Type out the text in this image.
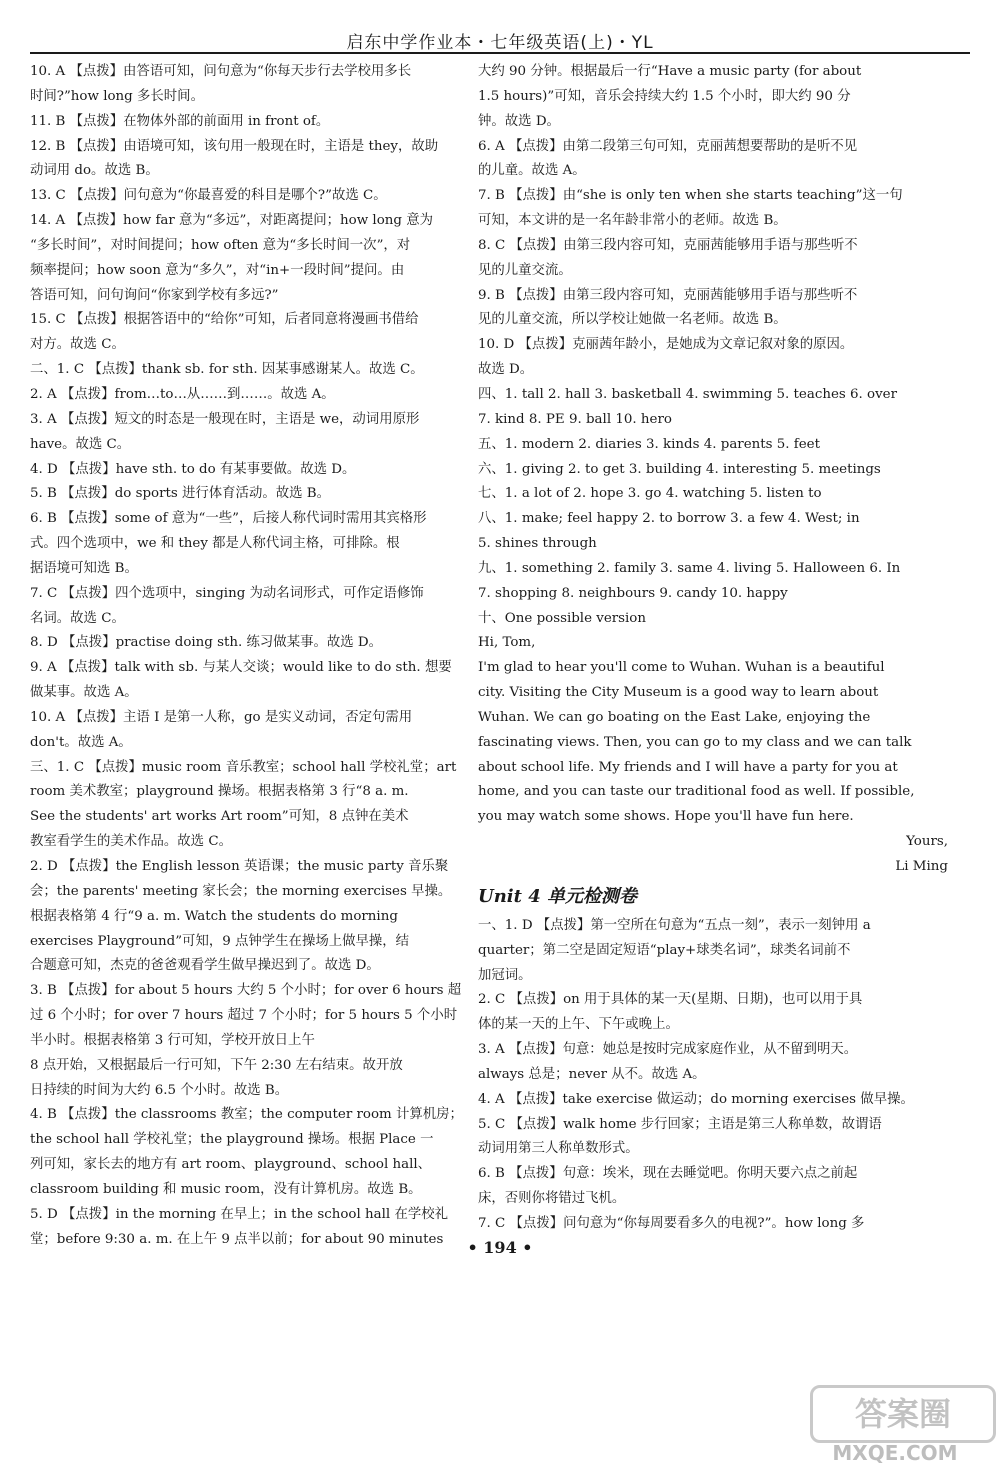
启东中学作业本・七年级英语(上)・YL
10. A 【点拨】由答语可知，问句意为“你每天步行去学校用多长
时间?”how long 多长时间。
11. B 【点拨】在物体外部的前面用 in front of。
12. B 【点拨】由语境可知，该句用一般现在时，主语是 they，故助
动词用 do。故选 B。
13. C 【点拨】问句意为“你最喜爱的科目是哪个?”故选 C。
14. A 【点拨】how far 意为“多远”，对距离提问；how long 意为
“多长时间”，对时间提问；how often 意为“多长时间一次”，对
频率提问；how soon 意为“多久”，对“in+一段时间”提问。由
答语可知，问句询问“你家到学校有多远?”
15. C 【点拨】根据答语中的“给你”可知，后者同意将漫画书借给
对方。故选 C。
二、1. C 【点拨】thank sb. for sth. 因某事感谢某人。故选 C。
2. A 【点拨】from…to…从……到……。故选 A。
3. A 【点拨】短文的时态是一般现在时，主语是 we，动词用原形
have。故选 C。
4. D 【点拨】have sth. to do 有某事要做。故选 D。
5. B 【点拨】do sports 进行体育活动。故选 B。
6. B 【点拨】some of 意为“一些”，后接人称代词时需用其宾格形
式。四个选项中，we 和 they 都是人称代词主格，可排除。根
据语境可知选 B。
7. C 【点拨】四个选项中，singing 为动名词形式，可作定语修饰
名词。故选 C。
8. D 【点拨】practise doing sth. 练习做某事。故选 D。
9. A 【点拨】talk with sb. 与某人交谈；would like to do sth. 想要
做某事。故选 A。
10. A 【点拨】主语 I 是第一人称，go 是实义动词，否定句需用
don't。故选 A。
三、1. C 【点拨】music room 音乐教室；school hall 学校礼堂；art
room 美术教室；playground 操场。根据表格第 3 行“8 a. m.
See the students' art works Art room”可知，8 点钟在美术
教室看学生的美术作品。故选 C。
2. D 【点拨】the English lesson 英语课；the music party 音乐聚
会；the parents' meeting 家长会；the morning exercises 早操。
根据表格第 4 行“9 a. m. Watch the students do morning
exercises Playground”可知，9 点钟学生在操场上做早操，结
合题意可知，杰克的爸爸观看学生做早操迟到了。故选 D。
3. B 【点拨】for about 5 hours 大约 5 个小时；for over 6 hours 超
过 6 个小时；for over 7 hours 超过 7 个小时；for 5 hours 5 个小时
半小时。根据表格第 3 行可知，学校开放日上午
8 点开始，又根据最后一行可知，下午 2:30 左右结束。故开放
日持续的时间为大约 6.5 个小时。故选 B。
4. B 【点拨】the classrooms 教室；the computer room 计算机房；
the school hall 学校礼堂；the playground 操场。根据 Place 一
列可知，家长去的地方有 art room、playground、school hall、
classroom building 和 music room，没有计算机房。故选 B。
5. D 【点拨】in the morning 在早上；in the school hall 在学校礼
堂；before 9:30 a. m. 在上午 9 点半以前；for about 90 minutes
大约 90 分钟。根据最后一行“Have a music party (for about
1.5 hours)”可知，音乐会持续大约 1.5 个小时，即大约 90 分
钟。故选 D。
6. A 【点拨】由第二段第三句可知，克丽茜想要帮助的是听不见
的儿童。故选 A。
7. B 【点拨】由“she is only ten when she starts teaching”这一句
可知，本文讲的是一名年龄非常小的老师。故选 B。
8. C 【点拨】由第三段内容可知，克丽茜能够用手语与那些听不
见的儿童交流。
9. B 【点拨】由第三段内容可知，克丽茜能够用手语与那些听不
见的儿童交流，所以学校让她做一名老师。故选 B。
10. D 【点拨】克丽茜年龄小，是她成为文章记叙对象的原因。
故选 D。
四、1. tall 2. hall 3. basketball 4. swimming 5. teaches 6. over
7. kind 8. PE 9. ball 10. hero
五、1. modern 2. diaries 3. kinds 4. parents 5. feet
六、1. giving 2. to get 3. building 4. interesting 5. meetings
七、1. a lot of 2. hope 3. go 4. watching 5. listen to
八、1. make; feel happy 2. to borrow 3. a few 4. West; in
5. shines through
九、1. something 2. family 3. same 4. living 5. Halloween 6. In
7. shopping 8. neighbours 9. candy 10. happy
十、One possible version
Hi, Tom,
I'm glad to hear you'll come to Wuhan. Wuhan is a beautiful
city. Visiting the City Museum is a good way to learn about
Wuhan. We can go boating on the East Lake, enjoying the
fascinating views. Then, you can go to my class and we can talk
about school life. My friends and I will have a party for you at
home, and you can taste our traditional food as well. If possible,
you may watch some shows. Hope you'll have fun here.
Yours,
Li Ming
Unit 4 单元检测卷
一、1. D 【点拨】第一空所在句意为“五点一刻”，表示一刻钟用 a
quarter；第二空是固定短语“play+球类名词”，球类名词前不
加冠词。
2. C 【点拨】on 用于具体的某一天(星期、日期)，也可以用于具
体的某一天的上午、下午或晚上。
3. A 【点拨】句意：她总是按时完成家庭作业，从不留到明天。
always 总是；never 从不。故选 A。
4. A 【点拨】take exercise 做运动；do morning exercises 做早操。
5. C 【点拨】walk home 步行回家；主语是第三人称单数，故谓语
动词用第三人称单数形式。
6. B 【点拨】句意：埃米，现在去睡觉吧。你明天要六点之前起
床，否则你将错过飞机。
7. C 【点拨】问句意为“你每周要看多久的电视?”。how long 多
• 194 •
答案圈
MXQE.COM
